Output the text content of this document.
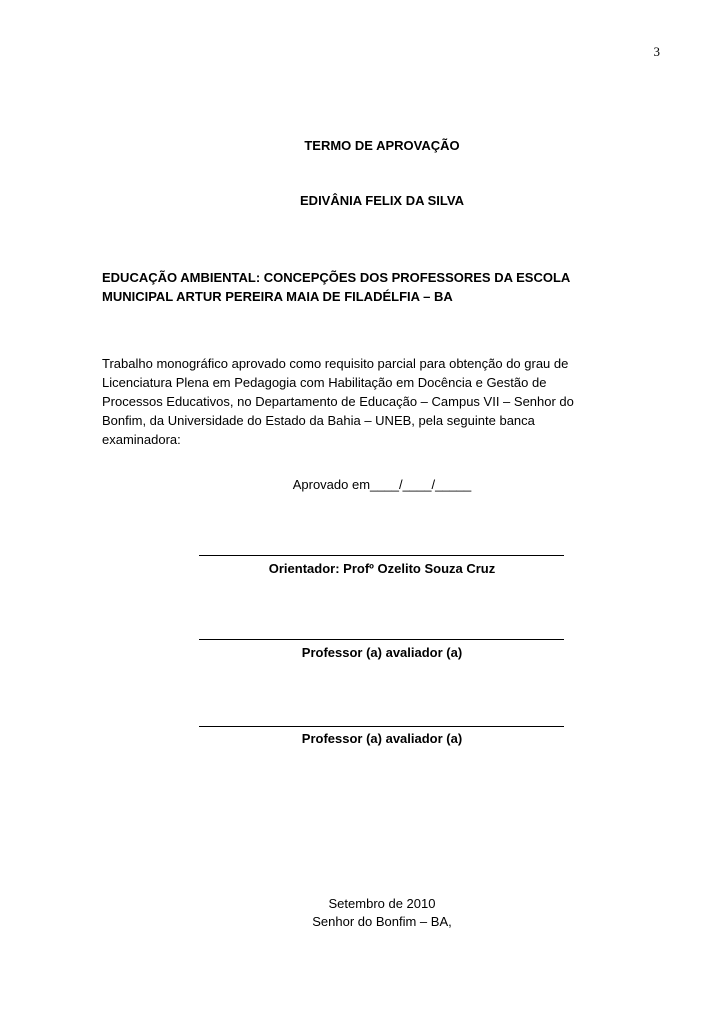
3

TERMO DE APROVAÇÃO

EDIVÂNIA FELIX DA SILVA

EDUCAÇÃO AMBIENTAL: CONCEPÇÕES DOS PROFESSORES DA ESCOLA
MUNICIPAL ARTUR PEREIRA MAIA DE FILADÉLFIA – BA
Trabalho monográfico aprovado como requisito parcial para obtenção do grau de
Licenciatura Plena em Pedagogia com Habilitação em Docência e Gestão de
Processos Educativos, no Departamento de Educação – Campus VII – Senhor do
Bonfim, da Universidade do Estado da Bahia – UNEB, pela seguinte banca
examinadora:

Aprovado em____/____/_____

Orientador: Profº Ozelito Souza Cruz

Professor (a) avaliador (a)

Professor (a) avaliador (a)

Setembro de 2010

Senhor do Bonfim – BA,
